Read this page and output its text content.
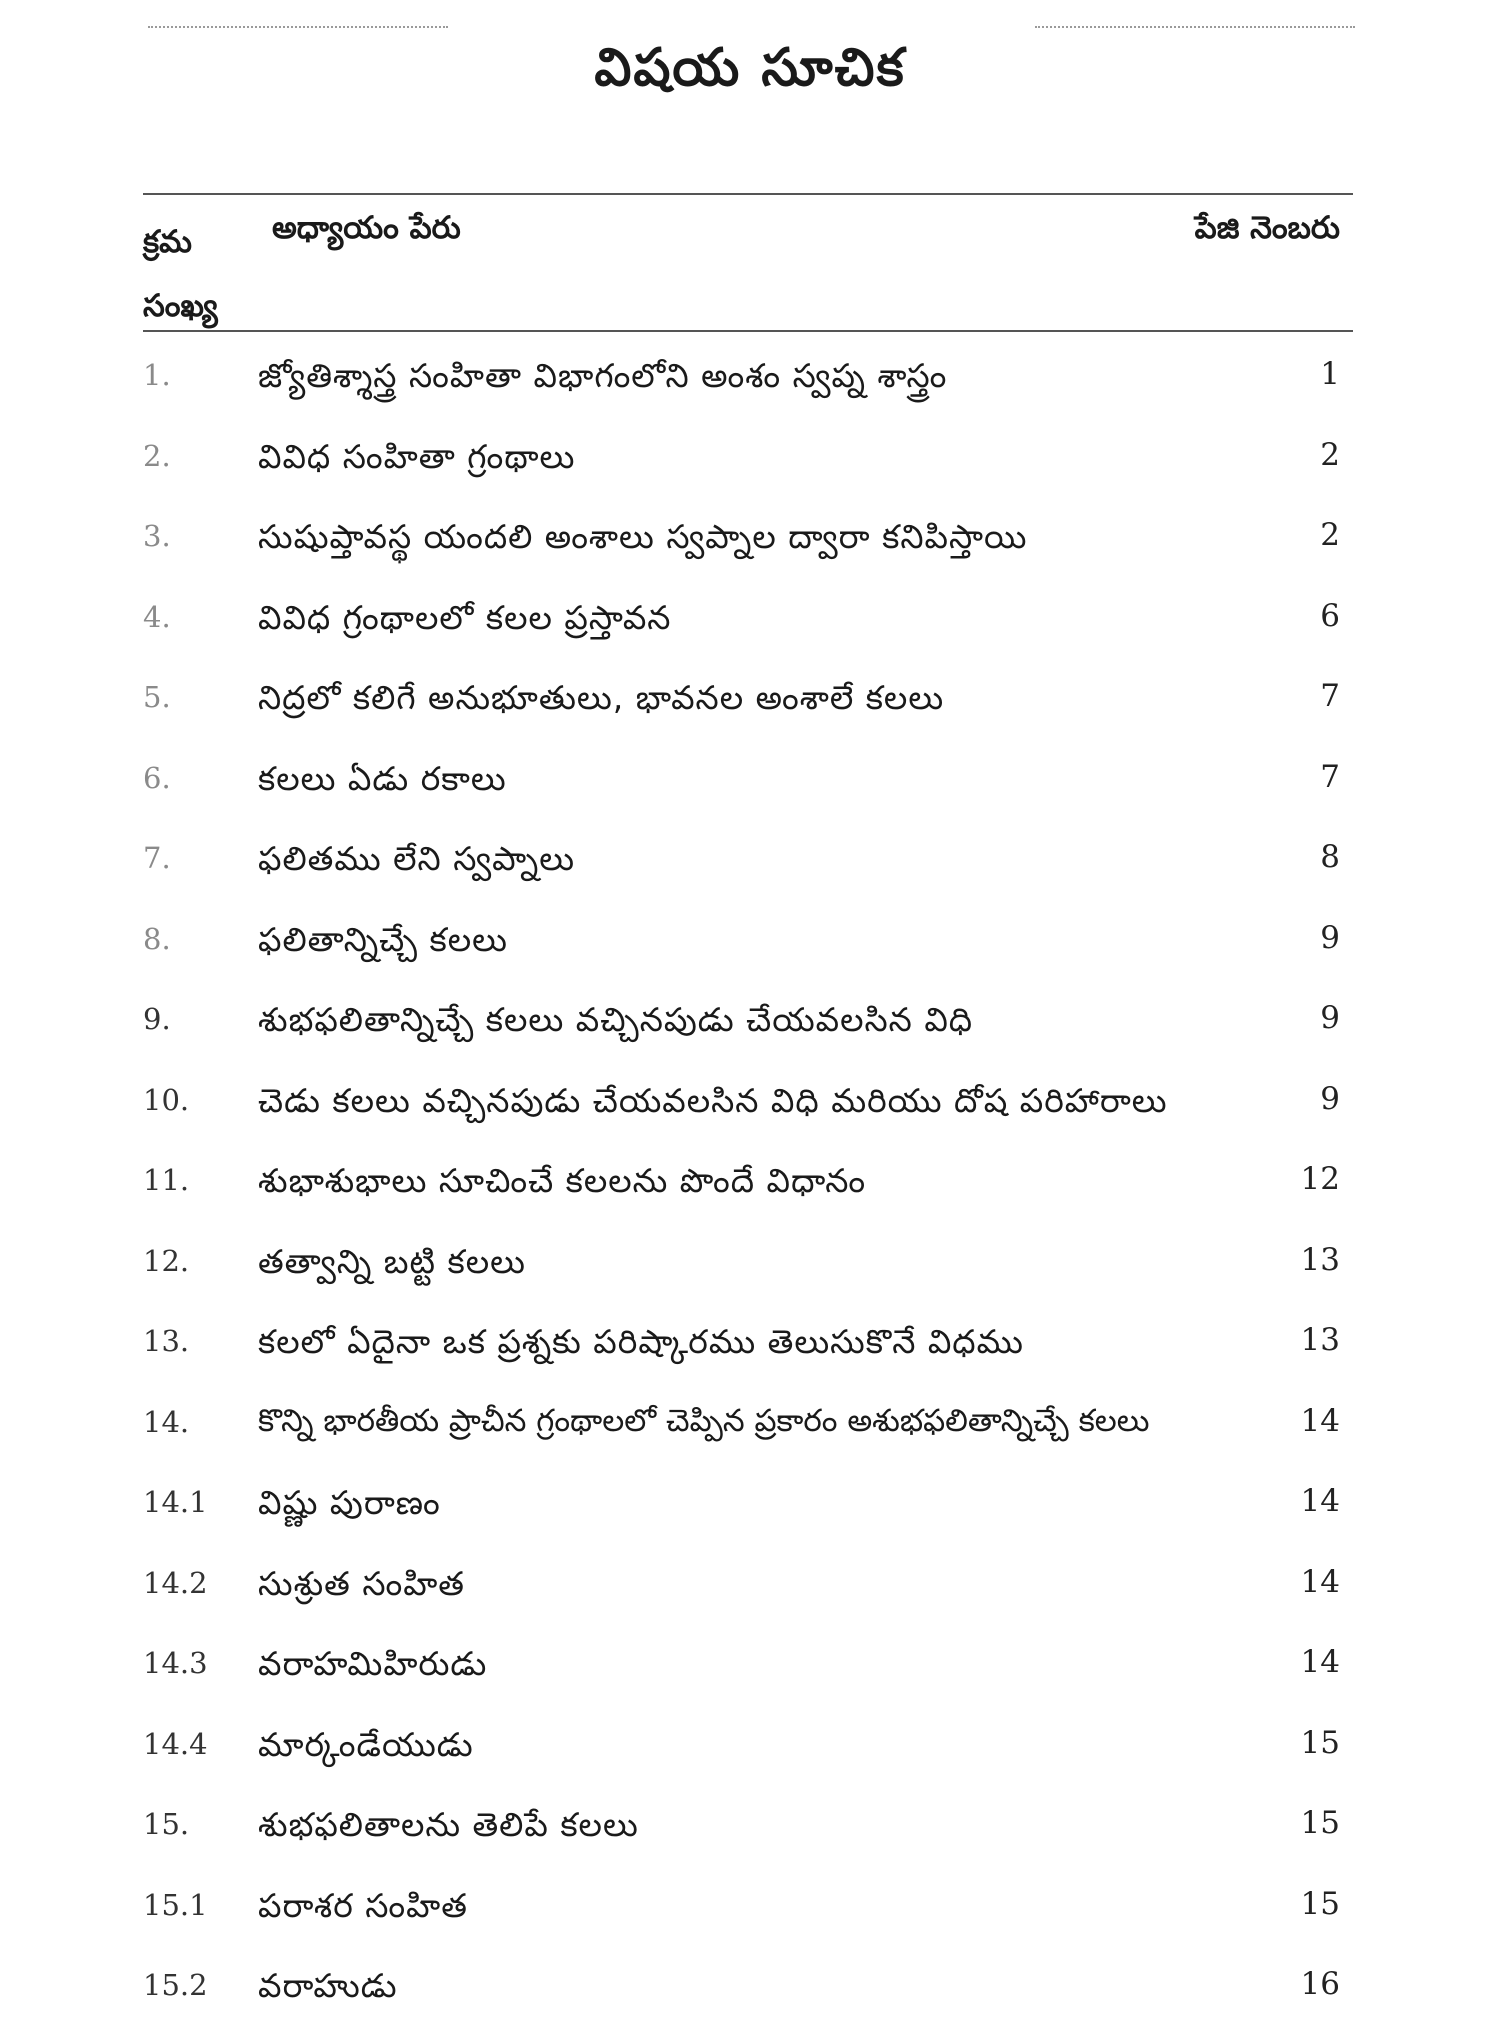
విషయ సూచిక
క్రమ
సంఖ్య
అధ్యాయం పేరు	పేజి నెంబరు
1.	జ్యోతిశ్శాస్త్ర సంహితా విభాగంలోని అంశం స్వప్న శాస్త్రం	1
2.	వివిధ సంహితా గ్రంథాలు	2
3.	సుషుప్తావస్థ యందలి అంశాలు స్వప్నాల ద్వారా కనిపిస్తాయి	2
4.	వివిధ గ్రంథాలలో కలల ప్రస్తావన	6
5.	నిద్రలో కలిగే అనుభూతులు, భావనల అంశాలే కలలు	7
6.	కలలు ఏడు రకాలు	7
7.	ఫలితము లేని స్వప్నాలు	8
8.	ఫలితాన్నిచ్చే కలలు	9
9.	శుభఫలితాన్నిచ్చే కలలు వచ్చినపుడు చేయవలసిన విధి	9
10. చెడు కలలు వచ్చినపుడు చేయవలసిన విధి మరియు దోష పరిహారాలు	9
11. శుభాశుభాలు సూచించే కలలను పొందే విధానం	12
12. తత్వాన్ని బట్టి కలలు	13
13. కలలో ఏదైనా ఒక ప్రశ్నకు పరిష్కారము తెలుసుకొనే విధము	13
14. కొన్ని భారతీయ ప్రాచీన గ్రంథాలలో చెప్పిన ప్రకారం అశుభఫలితాన్నిచ్చే కలలు	14
14.1 విష్ణు పురాణం	14
14.2 సుశ్రుత సంహిత	14
14.3 వరాహమిహిరుడు	14
14.4 మార్కండేయుడు	15
15. శుభఫలితాలను తెలిపే కలలు	15
15.1 పరాశర సంహిత	15
15.2 వరాహుడు	16
